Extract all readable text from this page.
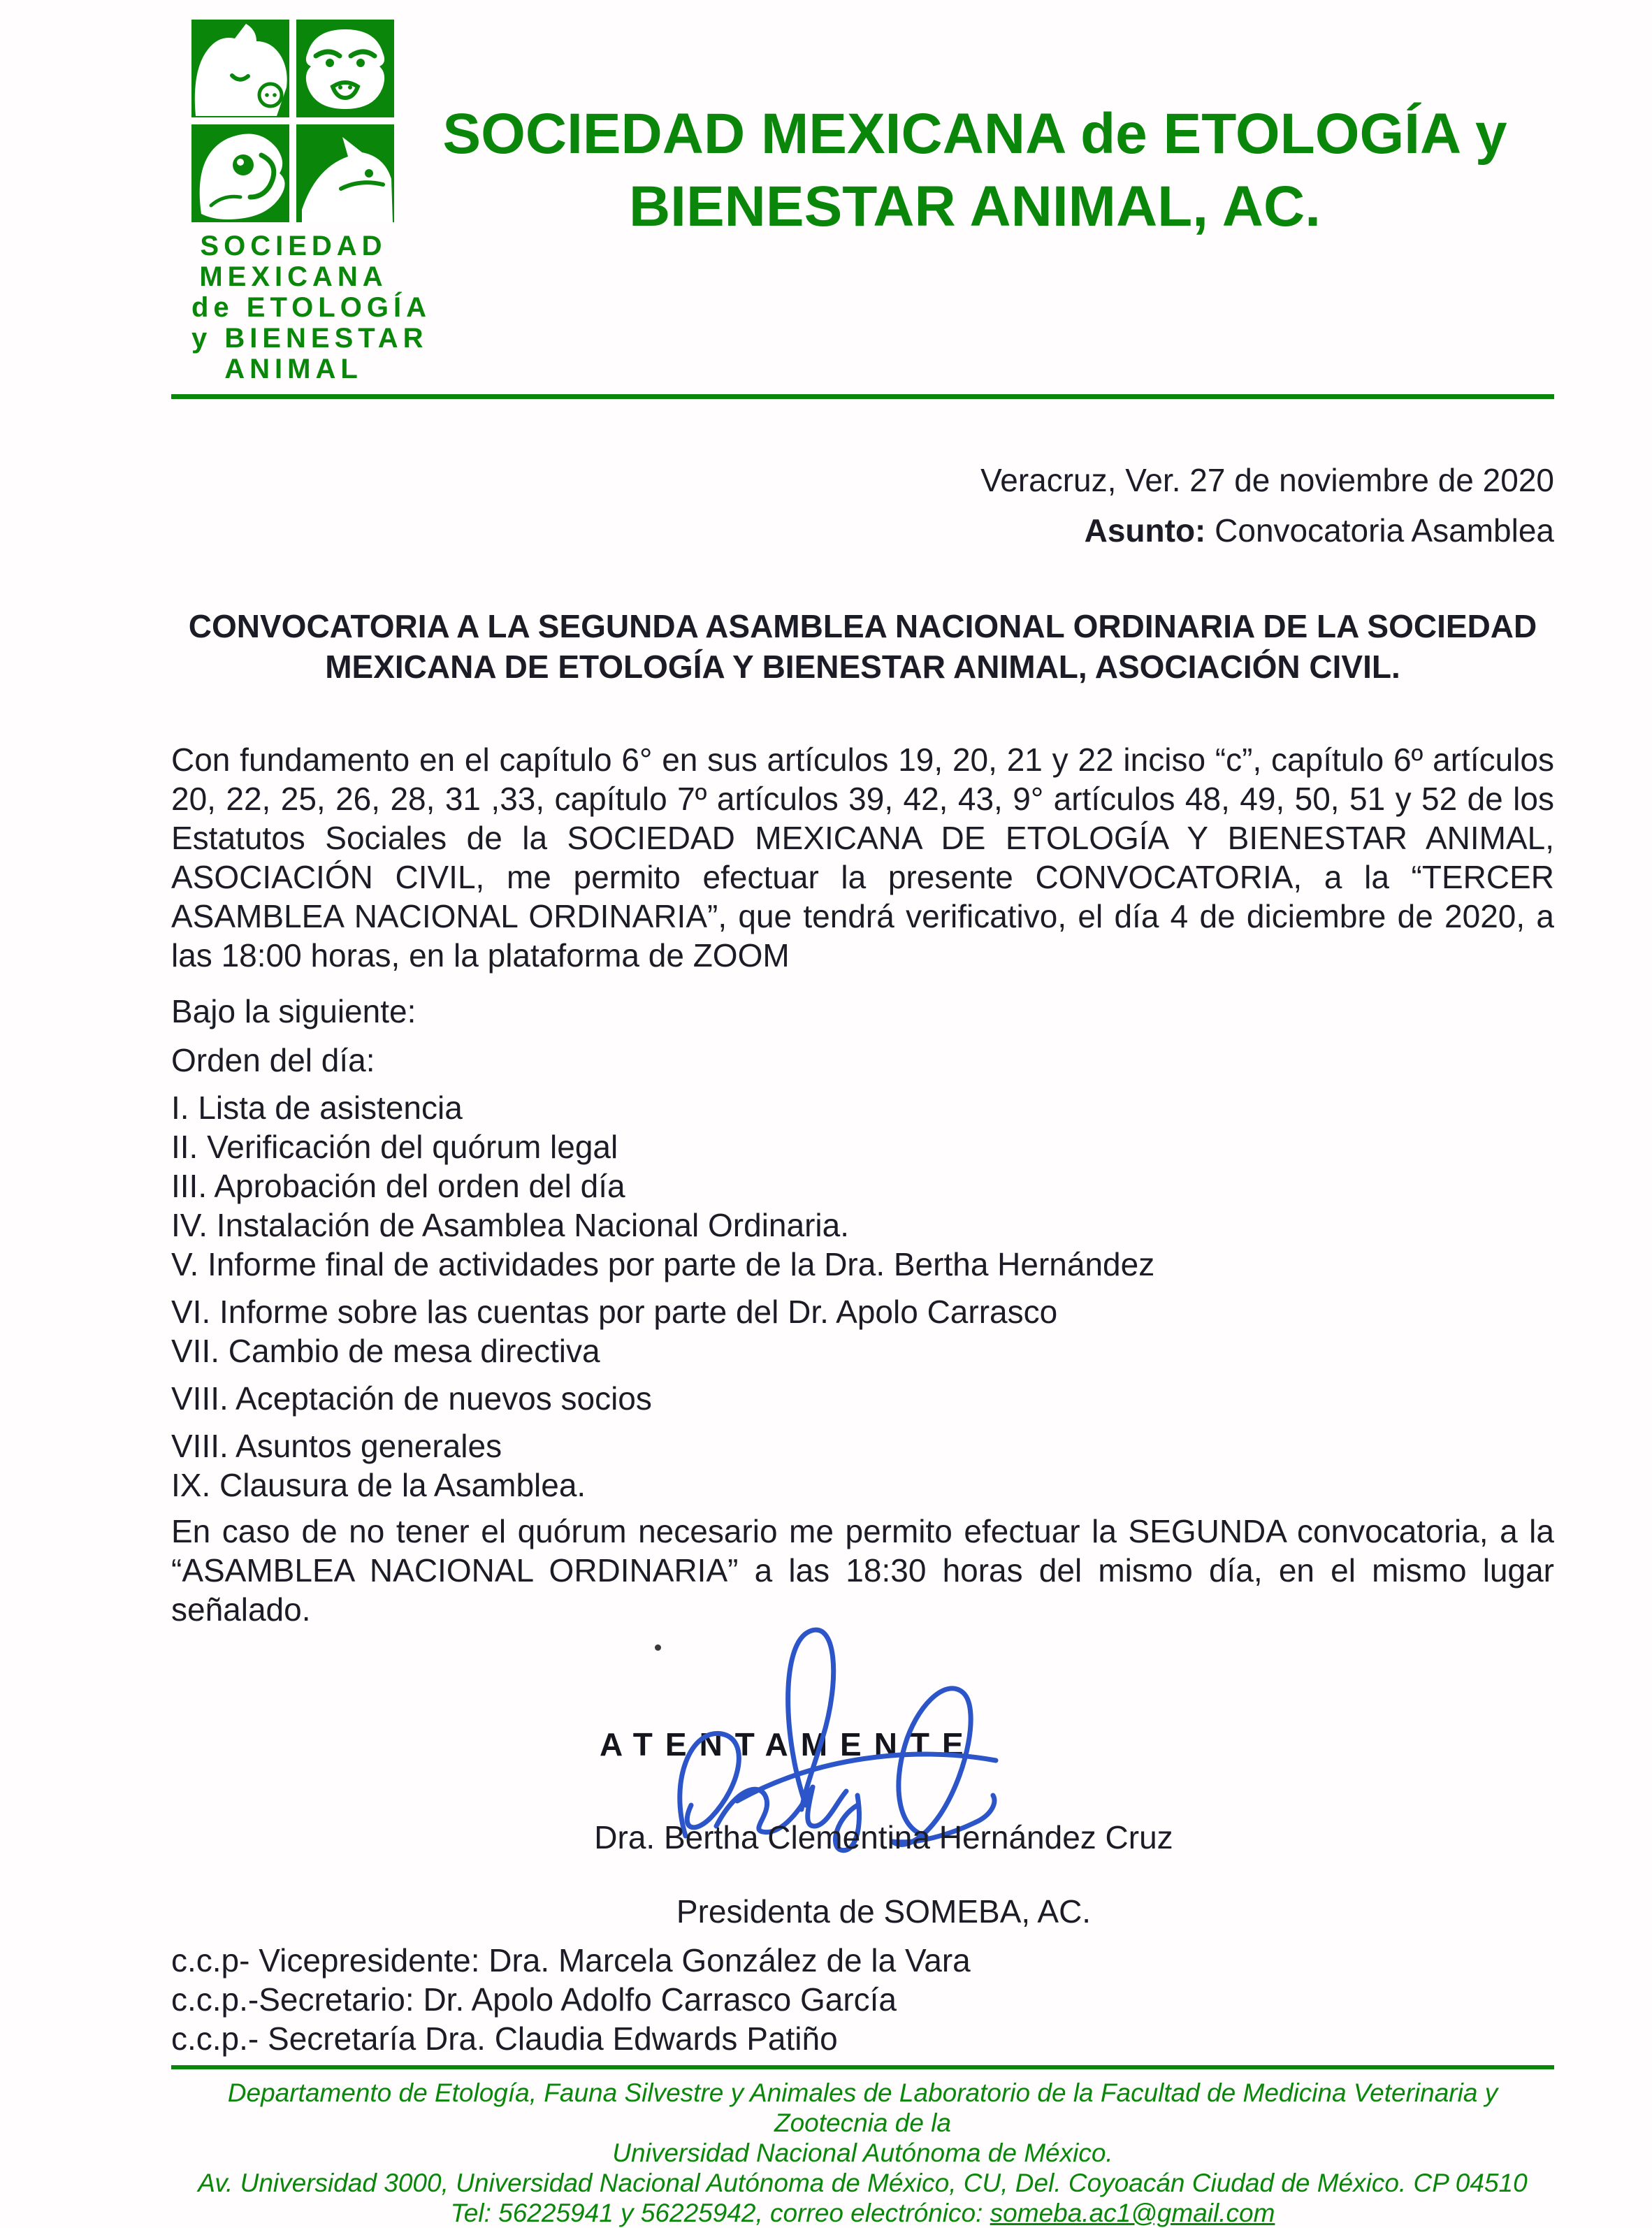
SOCIEDAD
MEXICANA
de ETOLOGÍA
y BIENESTAR
ANIMAL
SOCIEDAD MEXICANA de ETOLOGÍA y
BIENESTAR ANIMAL, AC.
Veracruz, Ver. 27 de noviembre de 2020
Asunto: Convocatoria Asamblea
CONVOCATORIA A LA SEGUNDA ASAMBLEA NACIONAL ORDINARIA DE LA SOCIEDAD
MEXICANA DE ETOLOGÍA Y BIENESTAR ANIMAL, ASOCIACIÓN CIVIL.
Con fundamento en el capítulo 6° en sus artículos 19, 20, 21 y 22 inciso “c”, capítulo 6º artículos 20, 22, 25, 26, 28, 31 ,33, capítulo 7º artículos 39, 42, 43, 9° artículos 48, 49, 50, 51 y 52 de los Estatutos Sociales de la SOCIEDAD MEXICANA DE ETOLOGÍA Y BIENESTAR ANIMAL, ASOCIACIÓN CIVIL, me permito efectuar la presente CONVOCATORIA, a la “TERCER ASAMBLEA NACIONAL ORDINARIA”, que tendrá verificativo, el día 4 de diciembre de 2020, a las 18:00 horas, en la plataforma de ZOOM
Bajo la siguiente:
Orden del día:
I. Lista de asistencia
II. Verificación del quórum legal
III. Aprobación del orden del día
IV. Instalación de Asamblea Nacional Ordinaria.
V. Informe final de actividades por parte de la Dra. Bertha Hernández
VI. Informe sobre las cuentas por parte del Dr. Apolo Carrasco
VII. Cambio de mesa directiva
VIII. Aceptación de nuevos socios
VIII. Asuntos generales
IX. Clausura de la Asamblea.
En caso de no tener el quórum necesario me permito efectuar la SEGUNDA convocatoria, a la “ASAMBLEA NACIONAL ORDINARIA” a las 18:30 horas del mismo día, en el mismo lugar señalado.
ATENTAMENTE
Dra. Bertha Clementina Hernández Cruz
Presidenta de SOMEBA, AC.
c.c.p- Vicepresidente: Dra. Marcela González de la Vara
c.c.p.-Secretario: Dr. Apolo Adolfo Carrasco García
c.c.p.- Secretaría Dra. Claudia Edwards Patiño
Departamento de Etología, Fauna Silvestre y Animales de Laboratorio de la Facultad de Medicina Veterinaria y Zootecnia de la
Universidad Nacional Autónoma de México.
Av. Universidad 3000, Universidad Nacional Autónoma de México, CU, Del. Coyoacán Ciudad de México. CP 04510
Tel: 56225941 y 56225942, correo electrónico: someba.ac1@gmail.com
